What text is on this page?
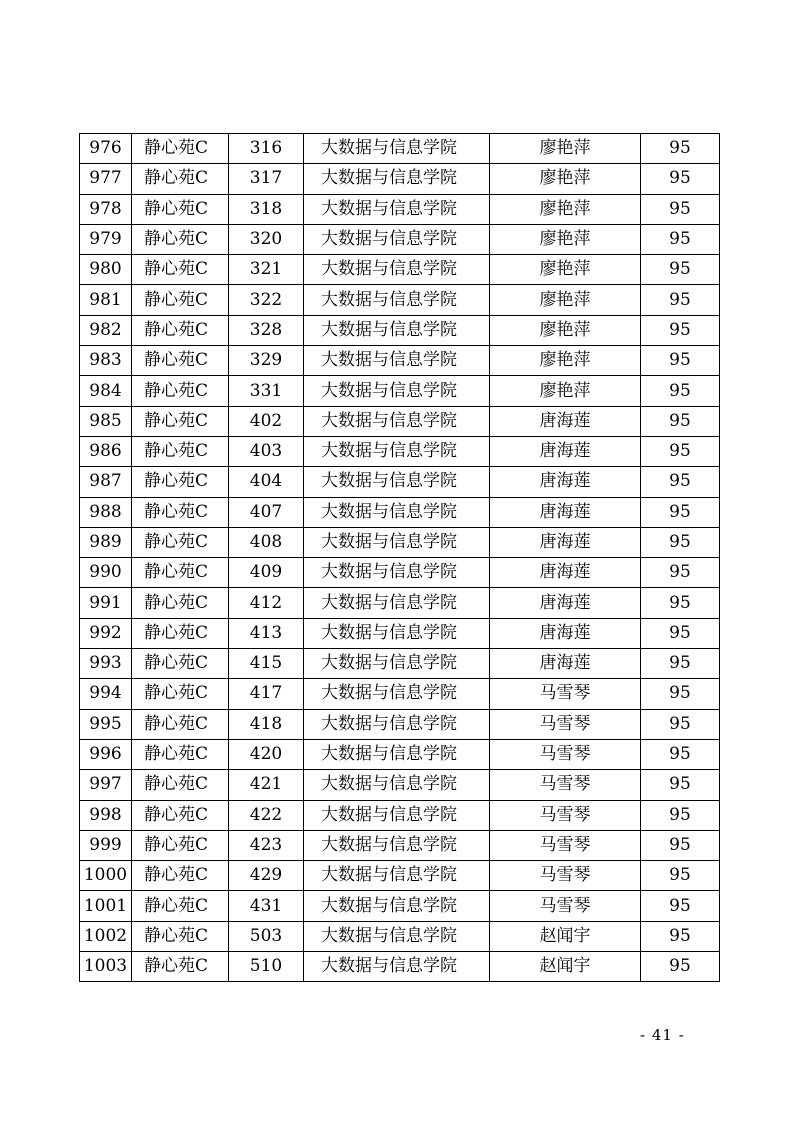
976	静心苑C	316	大数据与信息学院	廖艳萍	95
977	静心苑C	317	大数据与信息学院	廖艳萍	95
978	静心苑C	318	大数据与信息学院	廖艳萍	95
979	静心苑C	320	大数据与信息学院	廖艳萍	95
980	静心苑C	321	大数据与信息学院	廖艳萍	95
981	静心苑C	322	大数据与信息学院	廖艳萍	95
982	静心苑C	328	大数据与信息学院	廖艳萍	95
983	静心苑C	329	大数据与信息学院	廖艳萍	95
984	静心苑C	331	大数据与信息学院	廖艳萍	95
985	静心苑C	402	大数据与信息学院	唐海莲	95
986	静心苑C	403	大数据与信息学院	唐海莲	95
987	静心苑C	404	大数据与信息学院	唐海莲	95
988	静心苑C	407	大数据与信息学院	唐海莲	95
989	静心苑C	408	大数据与信息学院	唐海莲	95
990	静心苑C	409	大数据与信息学院	唐海莲	95
991	静心苑C	412	大数据与信息学院	唐海莲	95
992	静心苑C	413	大数据与信息学院	唐海莲	95
993	静心苑C	415	大数据与信息学院	唐海莲	95
994	静心苑C	417	大数据与信息学院	马雪琴	95
995	静心苑C	418	大数据与信息学院	马雪琴	95
996	静心苑C	420	大数据与信息学院	马雪琴	95
997	静心苑C	421	大数据与信息学院	马雪琴	95
998	静心苑C	422	大数据与信息学院	马雪琴	95
999	静心苑C	423	大数据与信息学院	马雪琴	95
1000	静心苑C	429	大数据与信息学院	马雪琴	95
1001	静心苑C	431	大数据与信息学院	马雪琴	95
1002	静心苑C	503	大数据与信息学院	赵闻宇	95
1003	静心苑C	510	大数据与信息学院	赵闻宇	95
- 41 -
